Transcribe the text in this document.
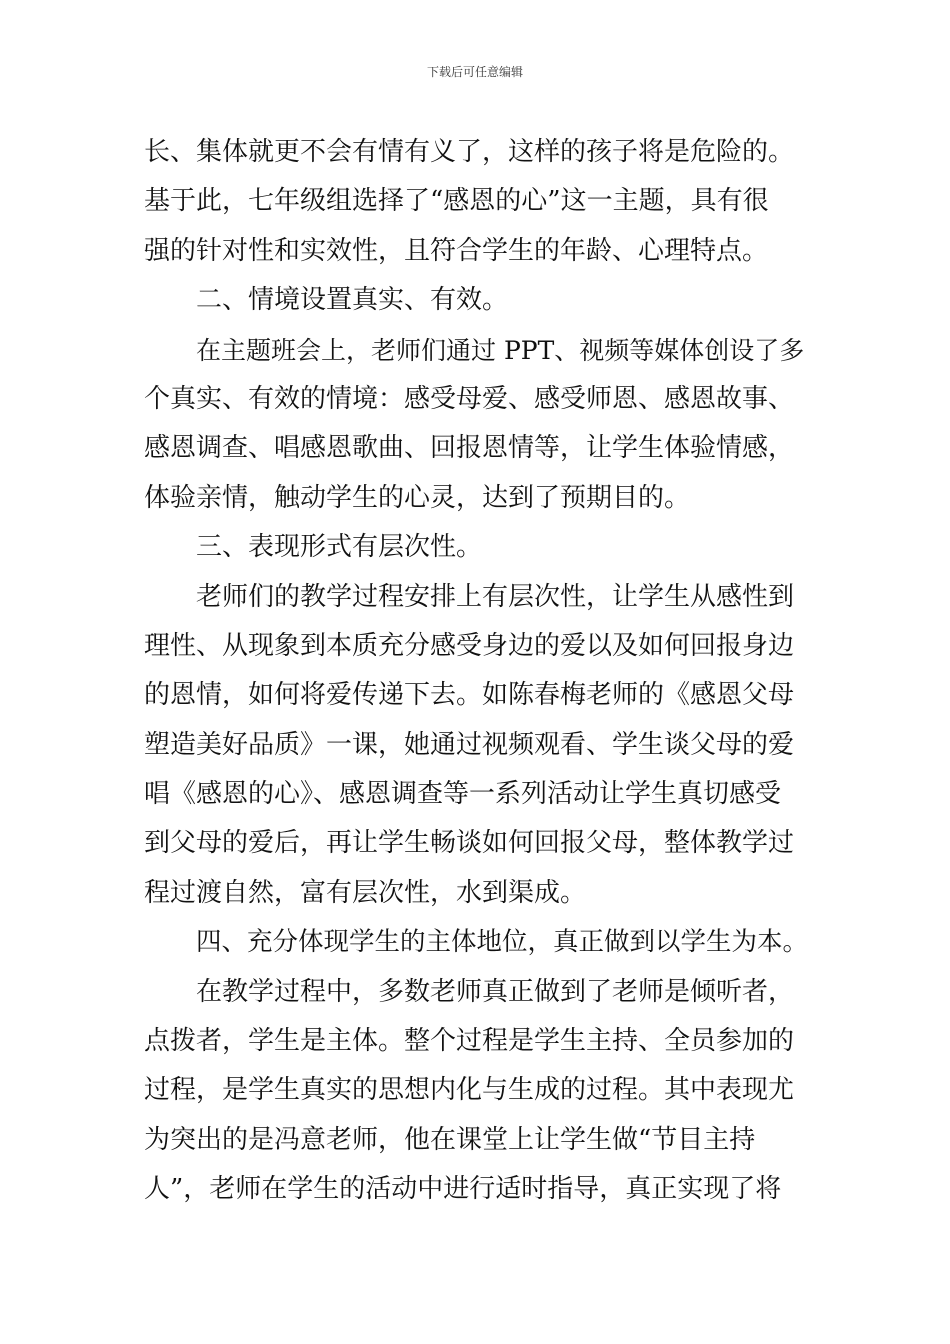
下载后可任意编辑
长、集体就更不会有情有义了，这样的孩子将是危险的。
基于此，七年级组选择了“感恩的心”这一主题，具有很
强的针对性和实效性，且符合学生的年龄、心理特点。
二、情境设置真实、有效。
在主题班会上，老师们通过 PPT、视频等媒体创设了多
个真实、有效的情境：感受母爱、感受师恩、感恩故事、
感恩调查、唱感恩歌曲、回报恩情等，让学生体验情感，
体验亲情，触动学生的心灵，达到了预期目的。
三、表现形式有层次性。
老师们的教学过程安排上有层次性，让学生从感性到
理性、从现象到本质充分感受身边的爱以及如何回报身边
的恩情，如何将爱传递下去。如陈春梅老师的《感恩父母
塑造美好品质》一课，她通过视频观看、学生谈父母的爱
唱《感恩的心》、感恩调查等一系列活动让学生真切感受
到父母的爱后，再让学生畅谈如何回报父母，整体教学过
程过渡自然，富有层次性，水到渠成。
四、充分体现学生的主体地位，真正做到以学生为本。
在教学过程中，多数老师真正做到了老师是倾听者，
点拨者，学生是主体。整个过程是学生主持、全员参加的
过程，是学生真实的思想内化与生成的过程。其中表现尤
为突出的是冯意老师，他在课堂上让学生做“节目主持
人”，老师在学生的活动中进行适时指导，真正实现了将
